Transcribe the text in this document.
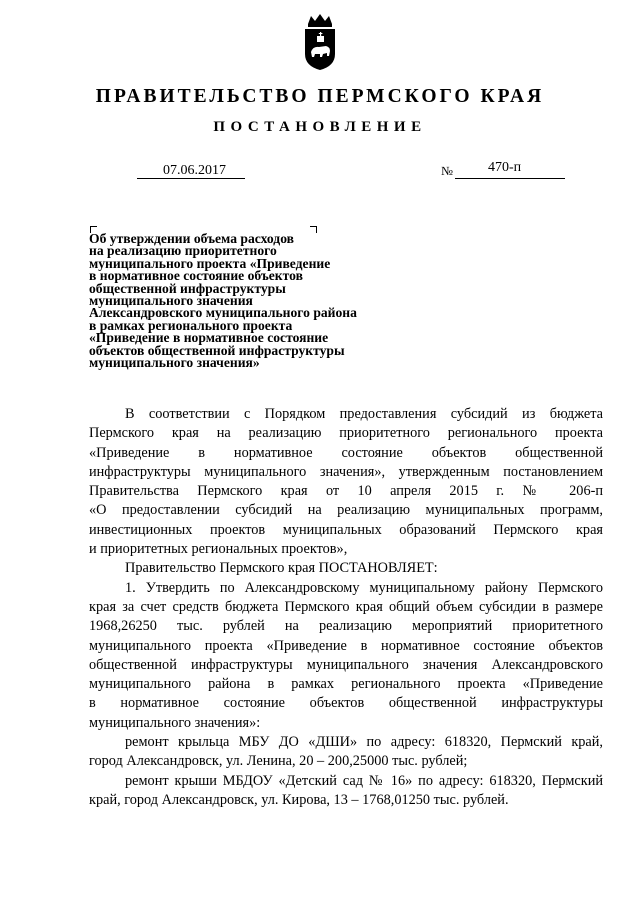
ПРАВИТЕЛЬСТВО ПЕРМСКОГО КРАЯ
ПОСТАНОВЛЕНИЕ
07.06.2017	№	470-п
Об утверждении объема расходов
на реализацию приоритетного
муниципального проекта «Приведение
в нормативное состояние объектов
общественной инфраструктуры
муниципального значения
Александровского муниципального района
в рамках регионального проекта
«Приведение в нормативное состояние
объектов общественной инфраструктуры
муниципального значения»
В соответствии с Порядком предоставления субсидий из бюджета
Пермского края на реализацию приоритетного регионального проекта
«Приведение в нормативное состояние объектов общественной
инфраструктуры муниципального значения», утвержденным постановлением
Правительства Пермского края от 10 апреля 2015 г. № 206-п
«О предоставлении субсидий на реализацию муниципальных программ,
инвестиционных проектов муниципальных образований Пермского края
и приоритетных региональных проектов»,
Правительство Пермского края ПОСТАНОВЛЯЕТ:
1. Утвердить по Александровскому муниципальному району Пермского
края за счет средств бюджета Пермского края общий объем субсидии в размере
1968,26250 тыс. рублей на реализацию мероприятий приоритетного
муниципального проекта «Приведение в нормативное состояние объектов
общественной инфраструктуры муниципального значения Александровского
муниципального района в рамках регионального проекта «Приведение
в нормативное состояние объектов общественной инфраструктуры
муниципального значения»:
ремонт крыльца МБУ ДО «ДШИ» по адресу: 618320, Пермский край,
город Александровск, ул. Ленина, 20 – 200,25000 тыс. рублей;
ремонт крыши МБДОУ «Детский сад № 16» по адресу: 618320, Пермский
край, город Александровск, ул. Кирова, 13 – 1768,01250 тыс. рублей.
